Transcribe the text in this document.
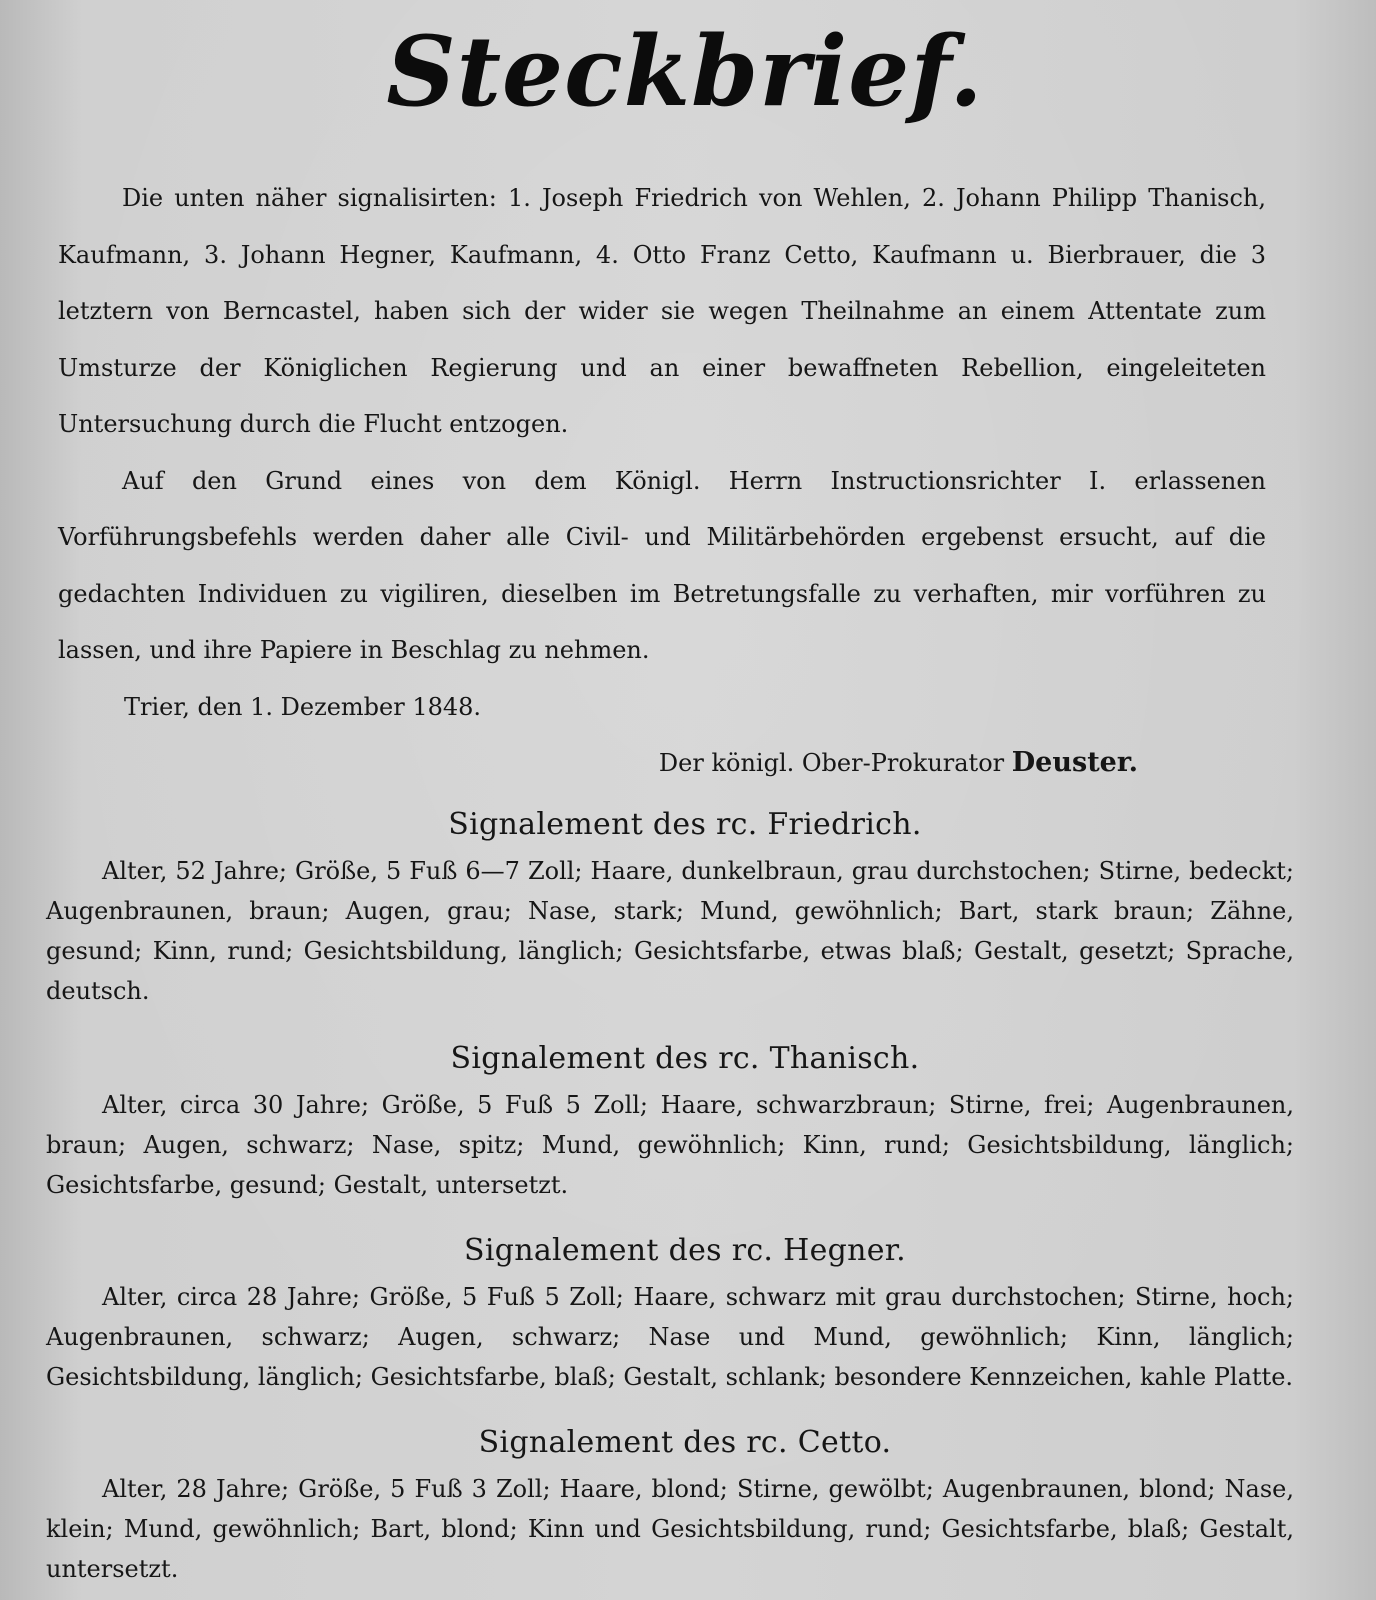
Steckbrief.

Die unten näher signalisirten: 1. Joseph Friedrich von Wehlen, 2. Johann Philipp Thanisch, Kaufmann, 3. Johann Hegner, Kaufmann, 4. Otto Franz Cetto, Kaufmann u. Bierbrauer, die 3 letztern von Berncastel, haben sich der wider sie wegen Theilnahme an einem Attentate zum Umsturze der Königlichen Regierung und an einer bewaffneten Rebellion, eingeleiteten Untersuchung durch die Flucht entzogen.

Auf den Grund eines von dem Königl. Herrn Instructionsrichter I. erlassenen Vorführungsbefehls werden daher alle Civil- und Militärbehörden ergebenst ersucht, auf die gedachten Individuen zu vigiliren, dieselben im Betretungsfalle zu verhaften, mir vorführen zu lassen, und ihre Papiere in Beschlag zu nehmen.

Trier, den 1. Dezember 1848.

Der königl. Ober-Prokurator Deuster.

Signalement des rc. Friedrich.

Alter, 52 Jahre; Größe, 5 Fuß 6—7 Zoll; Haare, dunkelbraun, grau durchstochen; Stirne, bedeckt; Augenbraunen, braun; Augen, grau; Nase, stark; Mund, gewöhnlich; Bart, stark braun; Zähne, gesund; Kinn, rund; Gesichtsbildung, länglich; Gesichtsfarbe, etwas blaß; Gestalt, gesetzt; Sprache, deutsch.

Signalement des rc. Thanisch.

Alter, circa 30 Jahre; Größe, 5 Fuß 5 Zoll; Haare, schwarzbraun; Stirne, frei; Augenbraunen, braun; Augen, schwarz; Nase, spitz; Mund, gewöhnlich; Kinn, rund; Gesichtsbildung, länglich; Gesichtsfarbe, gesund; Gestalt, untersetzt.

Signalement des rc. Hegner.

Alter, circa 28 Jahre; Größe, 5 Fuß 5 Zoll; Haare, schwarz mit grau durchstochen; Stirne, hoch; Augenbraunen, schwarz; Augen, schwarz; Nase und Mund, gewöhnlich; Kinn, länglich; Gesichtsbildung, länglich; Gesichtsfarbe, blaß; Gestalt, schlank; besondere Kennzeichen, kahle Platte.

Signalement des rc. Cetto.

Alter, 28 Jahre; Größe, 5 Fuß 3 Zoll; Haare, blond; Stirne, gewölbt; Augenbraunen, blond; Nase, klein; Mund, gewöhnlich; Bart, blond; Kinn und Gesichtsbildung, rund; Gesichtsfarbe, blaß; Gestalt, untersetzt.
